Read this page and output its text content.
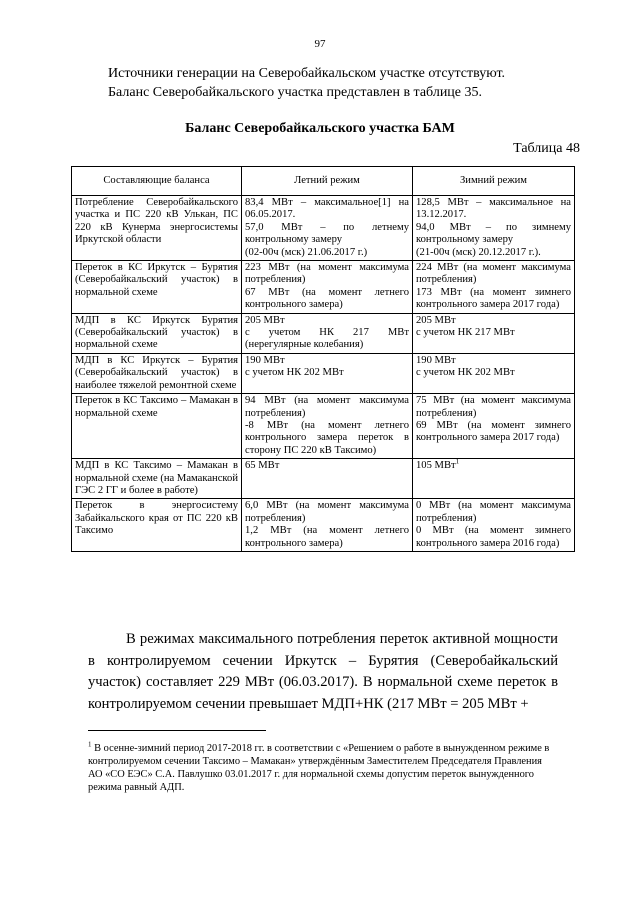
97

Источники генерации на Северобайкальском участке отсутствуют.

Баланс Северобайкальского участка представлен в таблице 35.

Баланс Северобайкальского участка БАМ
Таблица 48
Составляющие баланса	Летний режим	Зимний режим
Потребление Северобайкальского участка и ПС 220 кВ Улькан, ПС 220 кВ Кунерма энергосистемы Иркутской области	83,4 МВт – максимальное[1] на 06.05.2017.
57,0 МВт – по летнему контрольному замеру
(02-00ч (мск) 21.06.2017 г.)	128,5 МВт – максимальное на 13.12.2017.
94,0 МВт – по зимнему контрольному замеру
(21-00ч (мск) 20.12.2017 г.).

Переток в КС Иркутск – Бурятия (Северобайкальский участок) в нормальной схеме	223 МВт (на момент максимума потребления)
67 МВт (на момент летнего контрольного замера)	224 МВт (на момент максимума потребления)
173 МВт (на момент зимнего контрольного замера 2017 года)

МДП в КС Иркутск Бурятия (Северобайкальский участок) в нормальной схеме	205 МВт
с учетом НК 217 МВт (нерегулярные колебания)	205 МВт
с учетом НК 217 МВт

МДП в КС Иркутск – Бурятия (Северобайкальский участок) в наиболее тяжелой ремонтной схеме	190 МВт
с учетом НК 202 МВт	190 МВт
с учетом НК 202 МВт

Переток в КС Таксимо – Мамакан в нормальной схеме	94 МВт (на момент максимума потребления)
-8 МВт (на момент летнего контрольного замера переток в сторону ПС 220 кВ Таксимо)	75 МВт (на момент максимума потребления)
69 МВт (на момент зимнего контрольного замера 2017 года)

МДП в КС Таксимо – Мамакан в нормальной схеме (на Мамаканской ГЭС 2 ГГ и более в работе)	65 МВт	105 МВт$^1$

Переток в энергосистему Забайкальского края от ПС 220 кВ Таксимо	6,0 МВт (на момент максимума потребления)
1,2 МВт (на момент летнего контрольного замера)	0 МВт (на момент максимума потребления)
0 МВт (на момент зимнего контрольного замера 2016 года)

В режимах максимального потребления переток активной мощности в контролируемом сечении Иркутск – Бурятия (Северобайкальский участок) составляет 229 МВт (06.03.2017). В нормальной схеме переток в контролируемом сечении превышает МДП+НК (217 МВт = 205 МВт +

$^1$ В осенне-зимний период 2017-2018 гг. в соответствии с «Решением о работе в вынужденном режиме в контролируемом сечении Таксимо – Мамакан» утверждённым Заместителем Председателя Правления АО «СО ЕЭС» С.А. Павлушко 03.01.2017 г. для нормальной схемы допустим переток вынужденного режима равный АДП.
